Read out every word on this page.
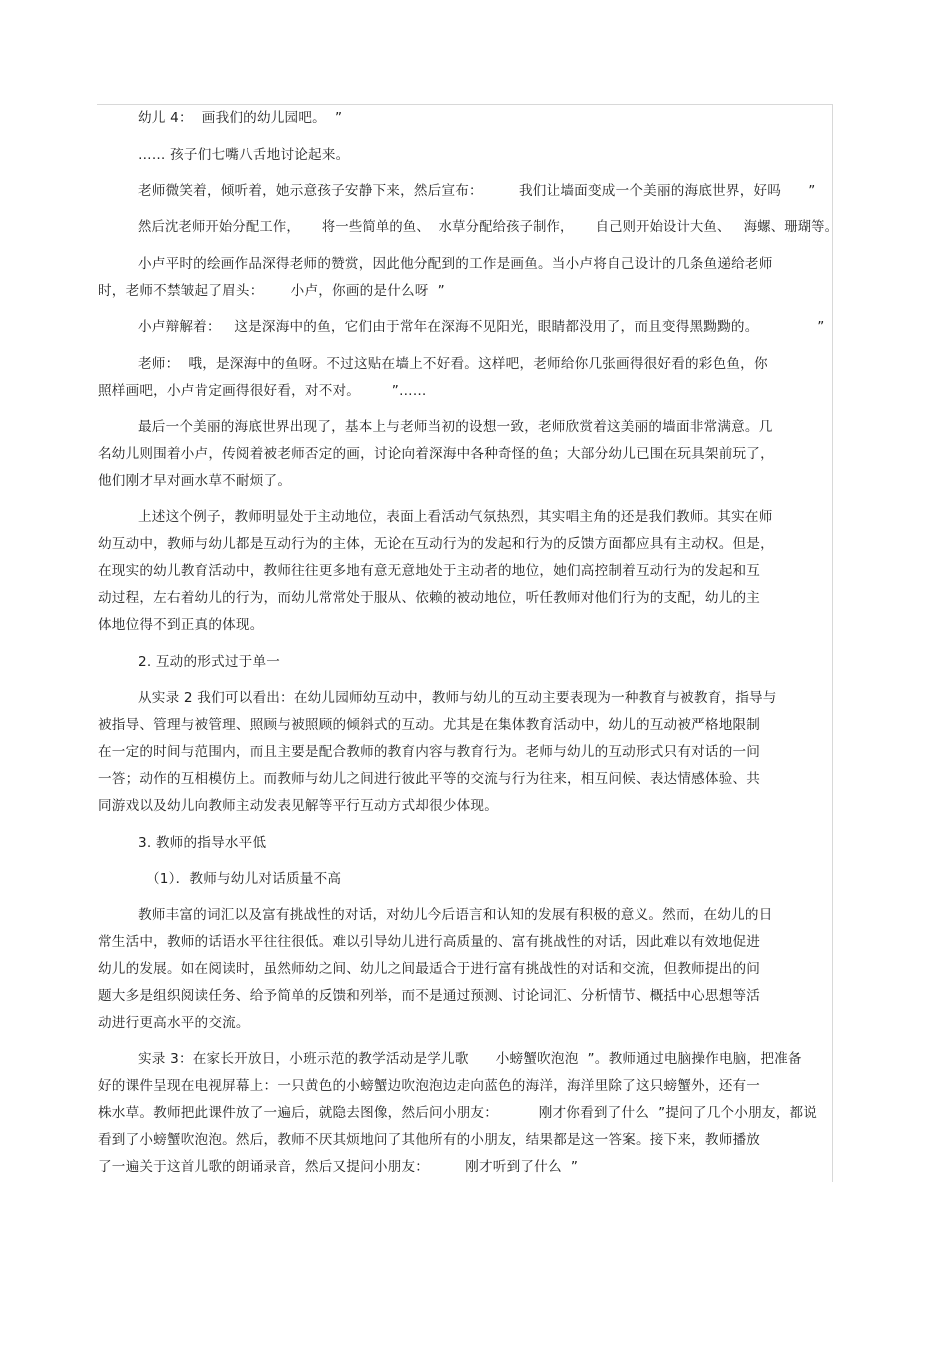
幼儿 4：  画我们的幼儿园吧。  ”
…… 孩子们七嘴八舌地讨论起来。
老师微笑着，倾听着，她示意孩子安静下来，然后宣布：        我们让墙面变成一个美丽的海底世界，好吗      ”
然后沈老师开始分配工作，     将一些简单的鱼、  水草分配给孩子制作，     自己则开始设计大鱼、   海螺、珊瑚等。
小卢平时的绘画作品深得老师的赞赏，因此他分配到的工作是画鱼。当小卢将自己设计的几条鱼递给老师
时，老师不禁皱起了眉头：      小卢，你画的是什么呀  ”
小卢辩解着：   这是深海中的鱼，它们由于常年在深海不见阳光，眼睛都没用了，而且变得黑黝黝的。             ”
老师：  哦，是深海中的鱼呀。不过这贴在墙上不好看。这样吧，老师给你几张画得很好看的彩色鱼，你
照样画吧，小卢肯定画得很好看，对不对。       ”……
最后一个美丽的海底世界出现了，基本上与老师当初的设想一致，老师欣赏着这美丽的墙面非常满意。几
名幼儿则围着小卢，传阅着被老师否定的画，讨论向着深海中各种奇怪的鱼；大部分幼儿已围在玩具架前玩了，
他们刚才早对画水草不耐烦了。
上述这个例子，教师明显处于主动地位，表面上看活动气氛热烈，其实唱主角的还是我们教师。其实在师
幼互动中，教师与幼儿都是互动行为的主体，无论在互动行为的发起和行为的反馈方面都应具有主动权。但是，
在现实的幼儿教育活动中，教师往往更多地有意无意地处于主动者的地位，她们高控制着互动行为的发起和互
动过程，左右着幼儿的行为，而幼儿常常处于服从、依赖的被动地位，听任教师对他们行为的支配，幼儿的主
体地位得不到正真的体现。
2. 互动的形式过于单一
从实录 2 我们可以看出：在幼儿园师幼互动中，教师与幼儿的互动主要表现为一种教育与被教育，指导与
被指导、管理与被管理、照顾与被照顾的倾斜式的互动。尤其是在集体教育活动中，幼儿的互动被严格地限制
在一定的时间与范围内，而且主要是配合教师的教育内容与教育行为。老师与幼儿的互动形式只有对话的一问
一答；动作的互相模仿上。而教师与幼儿之间进行彼此平等的交流与行为往来，相互问候、表达情感体验、共
同游戏以及幼儿向教师主动发表见解等平行互动方式却很少体现。
3. 教师的指导水平低
（1）．教师与幼儿对话质量不高
教师丰富的词汇以及富有挑战性的对话，对幼儿今后语言和认知的发展有积极的意义。然而，在幼儿的日
常生活中，教师的话语水平往往很低。难以引导幼儿进行高质量的、富有挑战性的对话，因此难以有效地促进
幼儿的发展。如在阅读时，虽然师幼之间、幼儿之间最适合于进行富有挑战性的对话和交流，但教师提出的问
题大多是组织阅读任务、给予简单的反馈和列举，而不是通过预测、讨论词汇、分析情节、概括中心思想等活
动进行更高水平的交流。
实录 3：在家长开放日，小班示范的教学活动是学儿歌      小螃蟹吹泡泡  ”。教师通过电脑操作电脑，把准备
好的课件呈现在电视屏幕上：一只黄色的小螃蟹边吹泡泡边走向蓝色的海洋，海洋里除了这只螃蟹外，还有一
株水草。教师把此课件放了一遍后，就隐去图像，然后问小朋友：         刚才你看到了什么  ”提问了几个小朋友，都说
看到了小螃蟹吹泡泡。然后，教师不厌其烦地问了其他所有的小朋友，结果都是这一答案。接下来，教师播放
了一遍关于这首儿歌的朗诵录音，然后又提问小朋友：        刚才听到了什么  ”
